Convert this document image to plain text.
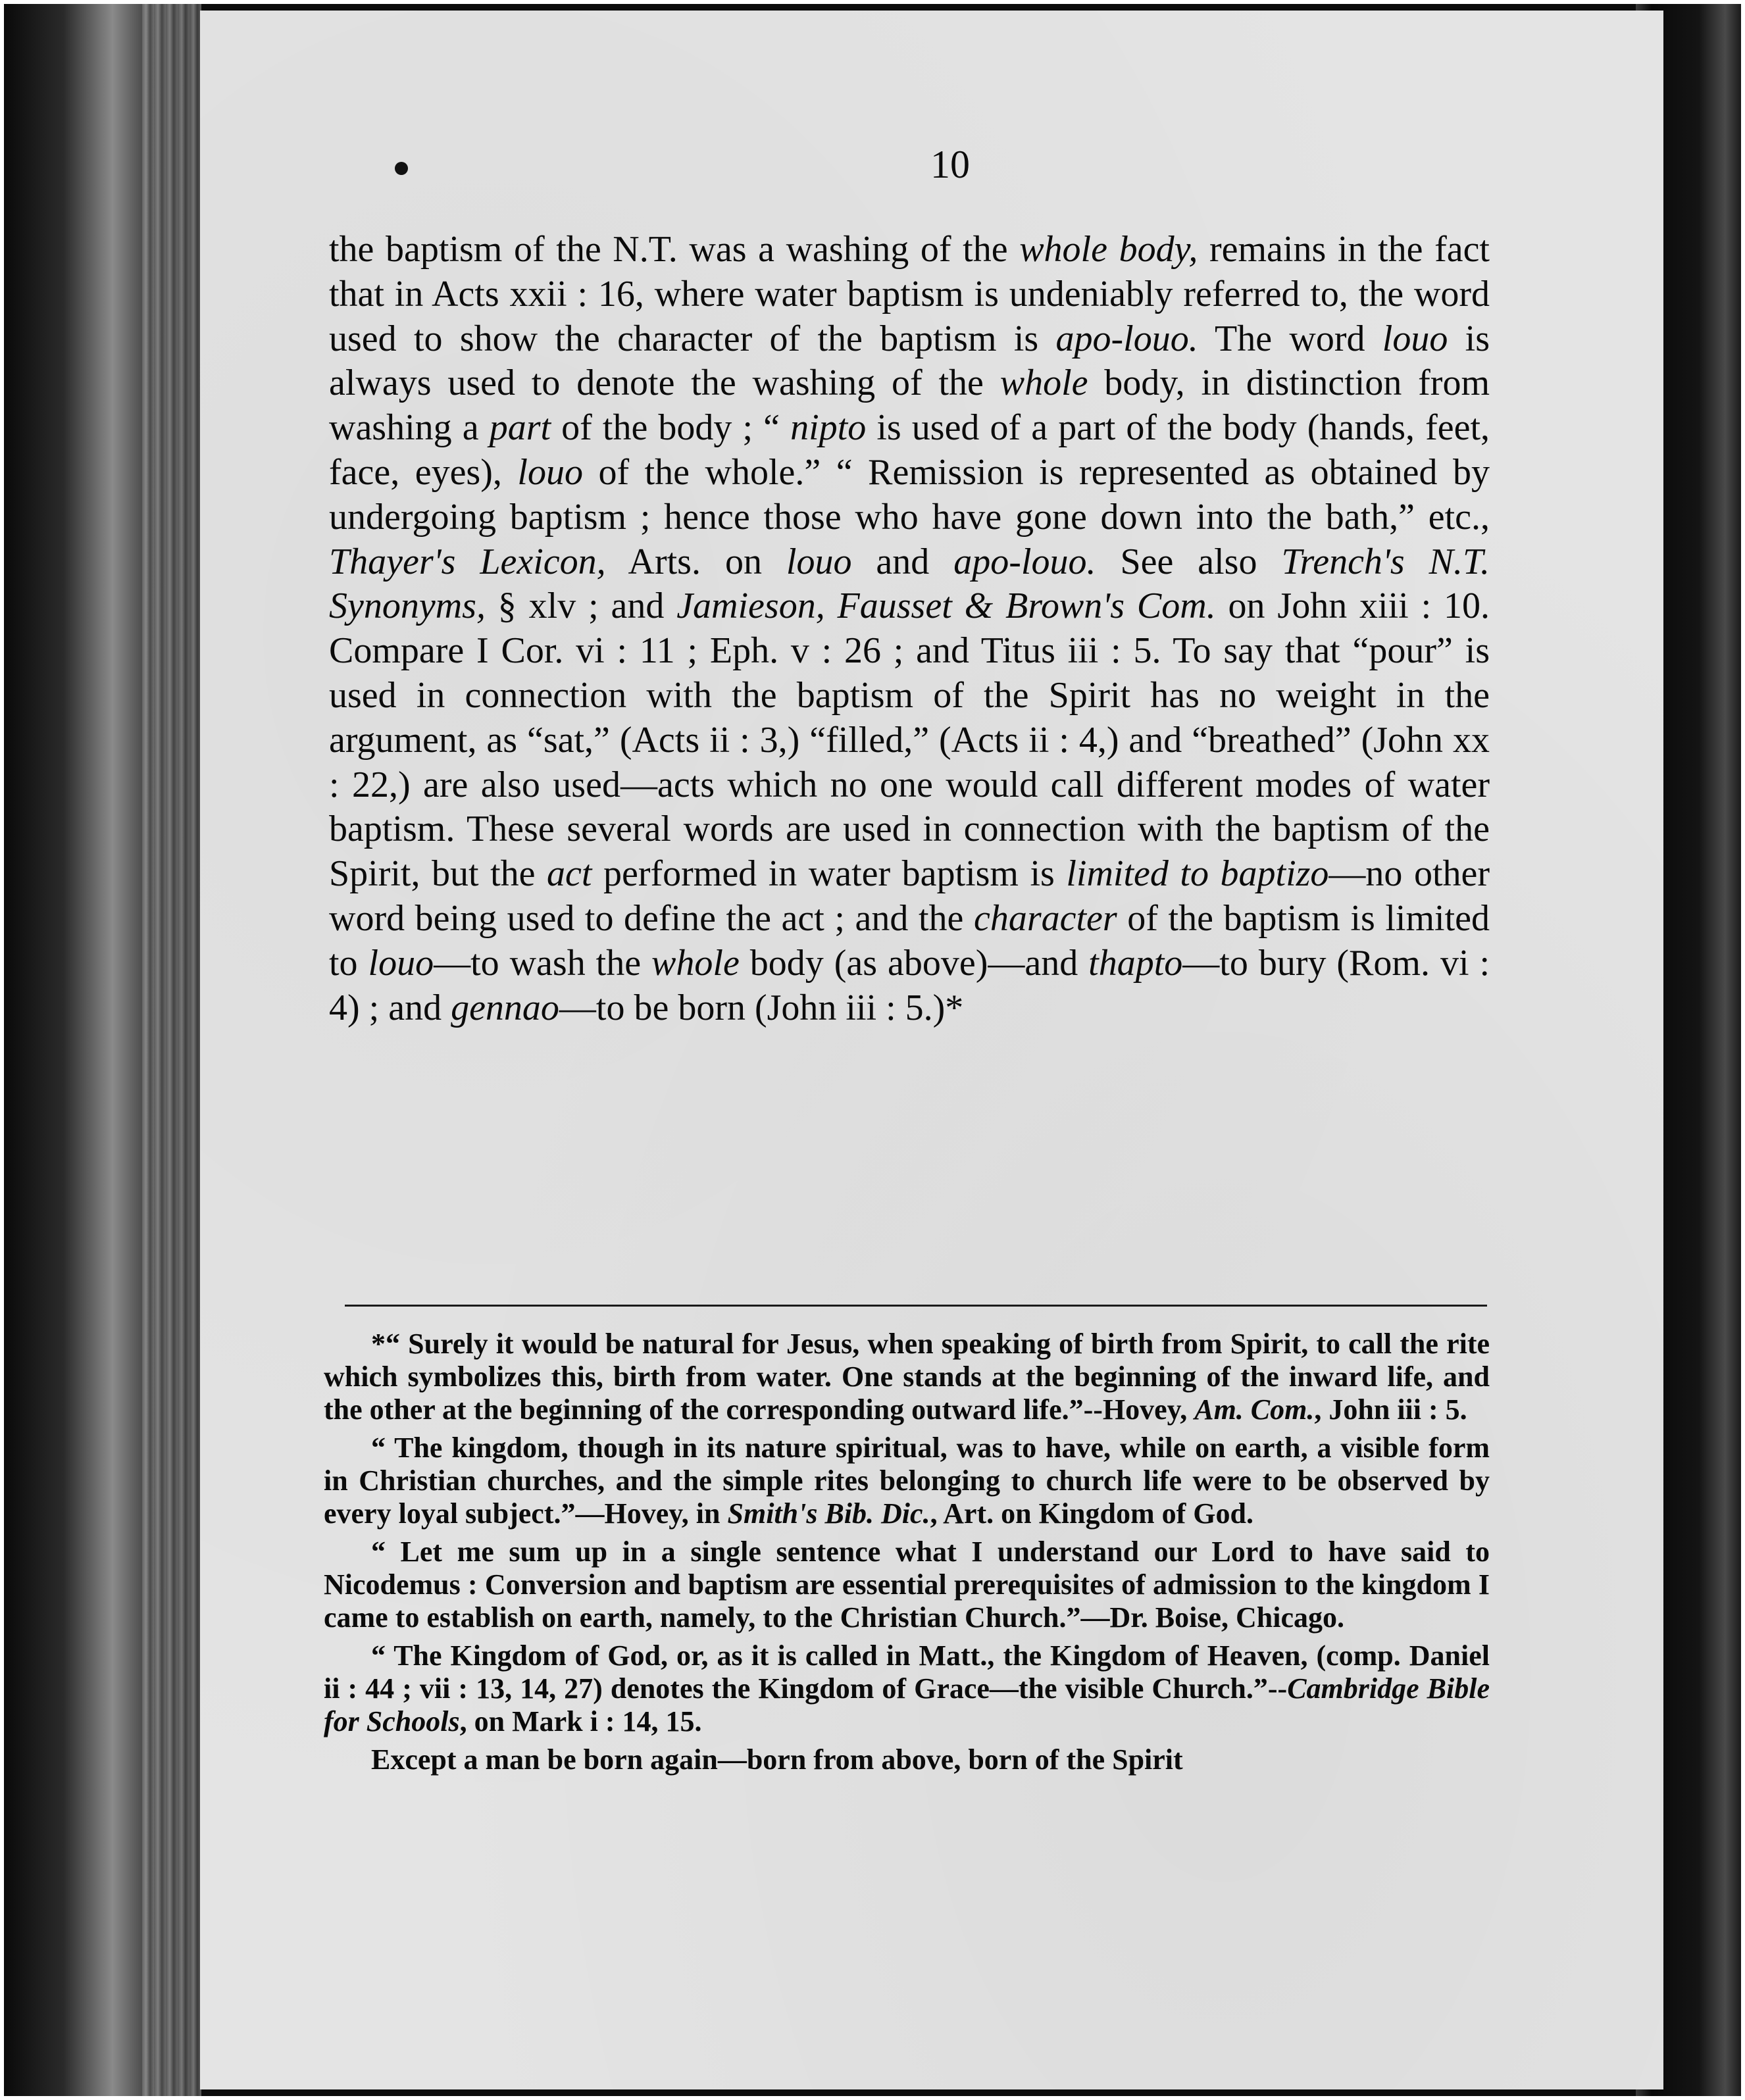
10

the baptism of the N.T. was a washing of the whole body, remains in the fact that in Acts xxii : 16, where water baptism is undeniably referred to, the word used to show the character of the baptism is apo-louo. The word louo is always used to denote the washing of the whole body, in distinction from washing a part of the body ; “ nipto is used of a part of the body (hands, feet, face, eyes), louo of the whole.” “ Remission is represented as obtained by undergoing baptism ; hence those who have gone down into the bath,” etc., Thayer's Lexicon, Arts. on louo and apo-louo. See also Trench's N.T. Synonyms, § xlv ; and Jamieson, Fausset & Brown's Com. on John xiii : 10. Compare I Cor. vi : 11 ; Eph. v : 26 ; and Titus iii : 5. To say that “pour” is used in connection with the baptism of the Spirit has no weight in the argument, as “sat,” (Acts ii : 3,) “filled,” (Acts ii : 4,) and “breathed” (John xx : 22,) are also used—acts which no one would call different modes of water baptism. These several words are used in connection with the baptism of the Spirit, but the act performed in water baptism is limited to baptizo—no other word being used to define the act ; and the character of the baptism is limited to louo—to wash the whole body (as above)—and thapto—to bury (Rom. vi : 4) ; and gennao—to be born (John iii : 5.)*

*“ Surely it would be natural for Jesus, when speaking of birth from Spirit, to call the rite which symbolizes this, birth from water. One stands at the beginning of the inward life, and the other at the beginning of the corresponding outward life.”--Hovey, Am. Com., John iii : 5.

“ The kingdom, though in its nature spiritual, was to have, while on earth, a visible form in Christian churches, and the simple rites belonging to church life were to be observed by every loyal subject.”—Hovey, in Smith's Bib. Dic., Art. on Kingdom of God.

“ Let me sum up in a single sentence what I understand our Lord to have said to Nicodemus : Conversion and baptism are essential prerequisites of admission to the kingdom I came to establish on earth, namely, to the Christian Church.”—Dr. Boise, Chicago.

“ The Kingdom of God, or, as it is called in Matt., the Kingdom of Heaven, (comp. Daniel ii : 44 ; vii : 13, 14, 27) denotes the Kingdom of Grace—the visible Church.”--Cambridge Bible for Schools, on Mark i : 14, 15.

Except a man be born again—born from above, born of the Spirit
